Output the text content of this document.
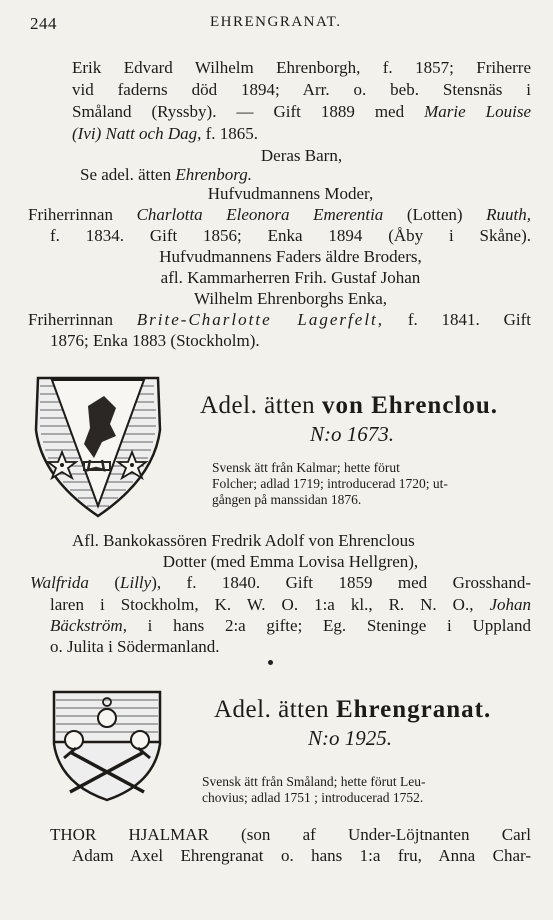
244	EHRENGRANAT.
Erik Edvard Wilhelm Ehrenborgh, f. 1857; Friherre
vid faderns död 1894; Arr. o. beb. Stensnäs i
Småland (Ryssby). — Gift 1889 med Marie Louise
(Ivi) Natt och Dag, f. 1865.
Deras Barn,
Se adel. ätten Ehrenborg.
Hufvudmannens Moder,
Friherrinnan Charlotta Eleonora Emerentia (Lotten) Ruuth,
f. 1834. Gift 1856; Enka 1894 (Åby i Skåne).
Hufvudmannens Faders äldre Broders,
afl. Kammarherren Frih. Gustaf Johan
Wilhelm Ehrenborghs Enka,
Friherrinnan Brite-Charlotte Lagerfelt, f. 1841. Gift
1876; Enka 1883 (Stockholm).
Adel. ätten von Ehrenclou.
N:o 1673.
Svensk ätt från Kalmar; hette förut
Folcher; adlad 1719; introducerad 1720; ut-
gången på manssidan 1876.
Afl. Bankokassören Fredrik Adolf von Ehrenclous
Dotter (med Emma Lovisa Hellgren),
Walfrida (Lilly), f. 1840. Gift 1859 med Grosshand-
laren i Stockholm, K. W. O. 1:a kl., R. N. O., Johan
Bäckström, i hans 2:a gifte; Eg. Steninge i Uppland
o. Julita i Södermanland.
Adel. ätten Ehrengranat.
N:o 1925.
Svensk ätt från Småland; hette förut Leu-
chovius; adlad 1751 ; introducerad 1752.
THOR HJALMAR (son af Under-Löjtnanten Carl
Adam Axel Ehrengranat o. hans 1:a fru, Anna Char-
